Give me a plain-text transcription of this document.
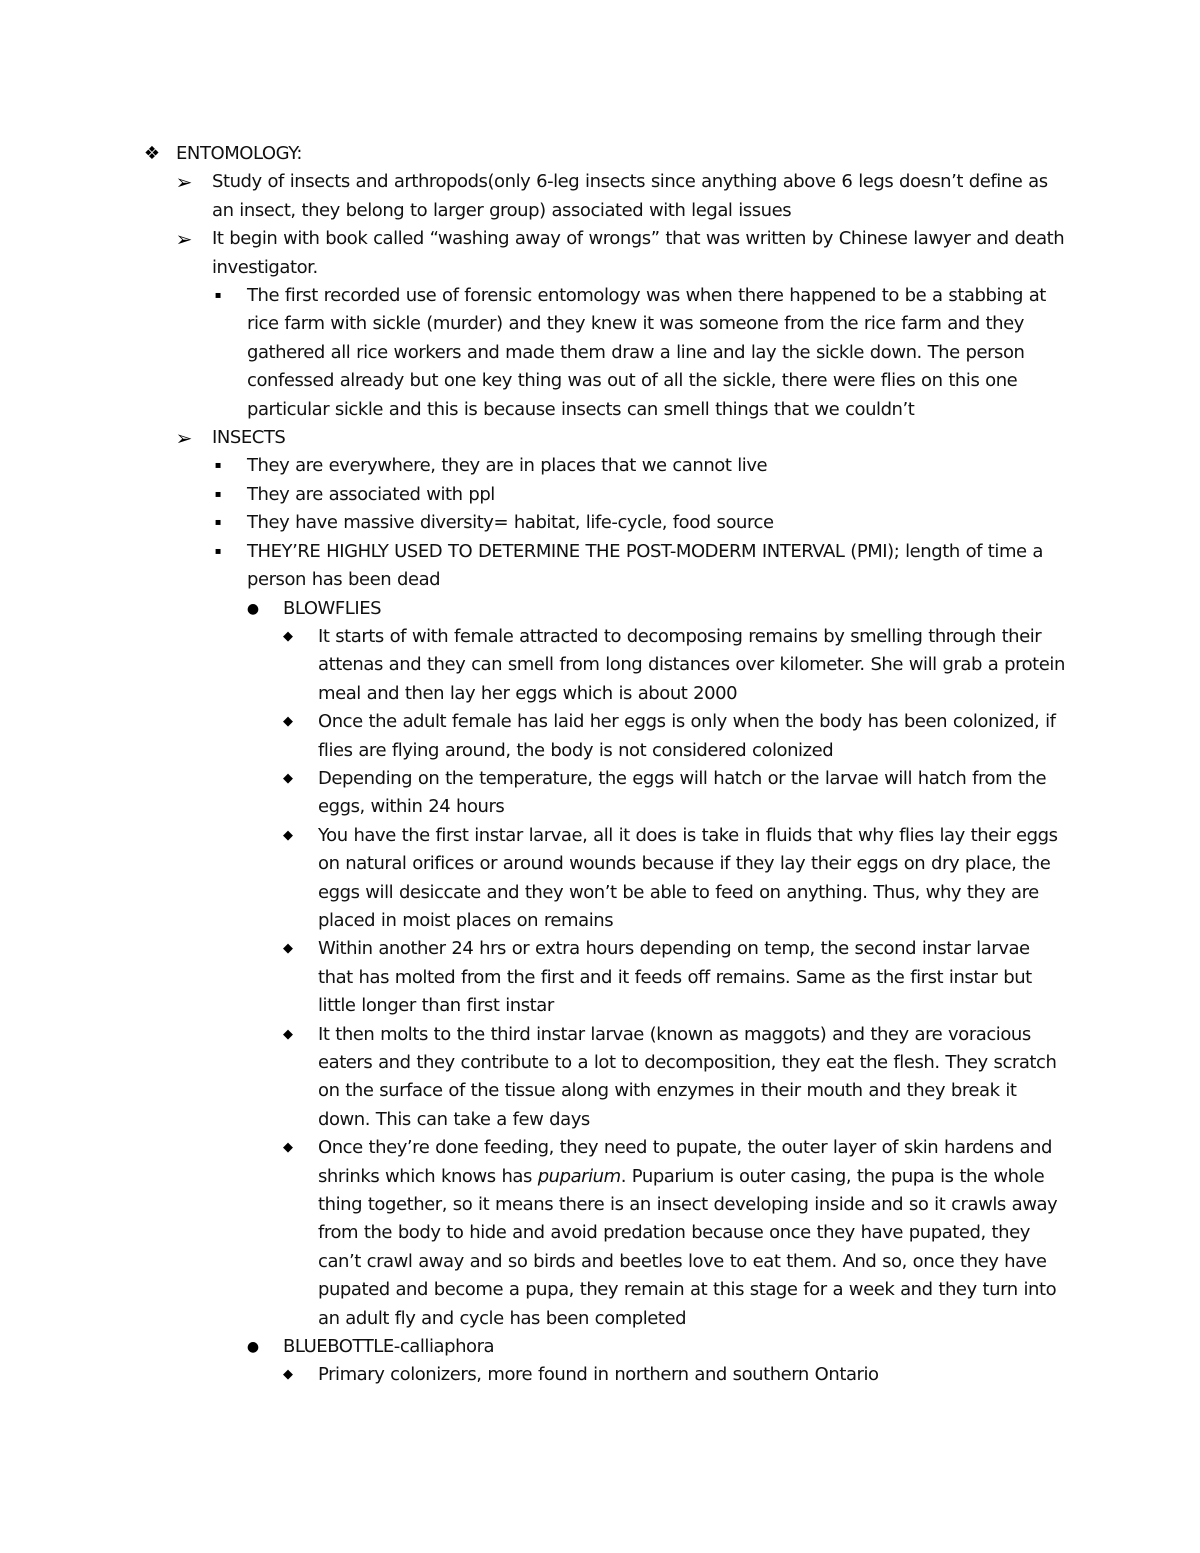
❖ ENTOMOLOGY:
➢ Study of insects and arthropods(only 6-leg insects since anything above 6 legs doesn’t define as an insect, they belong to larger group) associated with legal issues
➢ It begin with book called “washing away of wrongs” that was written by Chinese lawyer and death investigator.
▪	The first recorded use of forensic entomology was when there happened to be a stabbing at rice farm with sickle (murder) and they knew it was someone from the rice farm and they gathered all rice workers and made them draw a line and lay the sickle down. The person confessed already but one key thing was out of all the sickle, there were flies on this one particular sickle and this is because insects can smell things that we couldn’t
➢ INSECTS
▪	They are everywhere, they are in places that we cannot live
▪	They are associated with ppl
▪	They have massive diversity= habitat, life-cycle, food source
▪	THEY’RE HIGHLY USED TO DETERMINE THE POST-MODERM INTERVAL (PMI); length of time a person has been dead
● BLOWFLIES
◆ It starts of with female attracted to decomposing remains by smelling through their attenas and they can smell from long distances over kilometer. She will grab a protein meal and then lay her eggs which is about 2000
◆ Once the adult female has laid her eggs is only when the body has been colonized, if flies are flying around, the body is not considered colonized
◆ Depending on the temperature, the eggs will hatch or the larvae will hatch from the eggs, within 24 hours
◆ You have the first instar larvae, all it does is take in fluids that why flies lay their eggs on natural orifices or around wounds because if they lay their eggs on dry place, the eggs will desiccate and they won’t be able to feed on anything. Thus, why they are placed in moist places on remains
◆ Within another 24 hrs or extra hours depending on temp, the second instar larvae that has molted from the first and it feeds off remains. Same as the first instar but little longer than first instar
◆ It then molts to the third instar larvae (known as maggots) and they are voracious eaters and they contribute to a lot to decomposition, they eat the flesh. They scratch on the surface of the tissue along with enzymes in their mouth and they break it down. This can take a few days
◆ Once they’re done feeding, they need to pupate, the outer layer of skin hardens and shrinks which knows has puparium. Puparium is outer casing, the pupa is the whole thing together, so it means there is an insect developing inside and so it crawls away from the body to hide and avoid predation because once they have pupated, they can’t crawl away and so birds and beetles love to eat them. And so, once they have pupated and become a pupa, they remain at this stage for a week and they turn into an adult fly and cycle has been completed
● BLUEBOTTLE-calliaphora
◆ Primary colonizers, more found in northern and southern Ontario
